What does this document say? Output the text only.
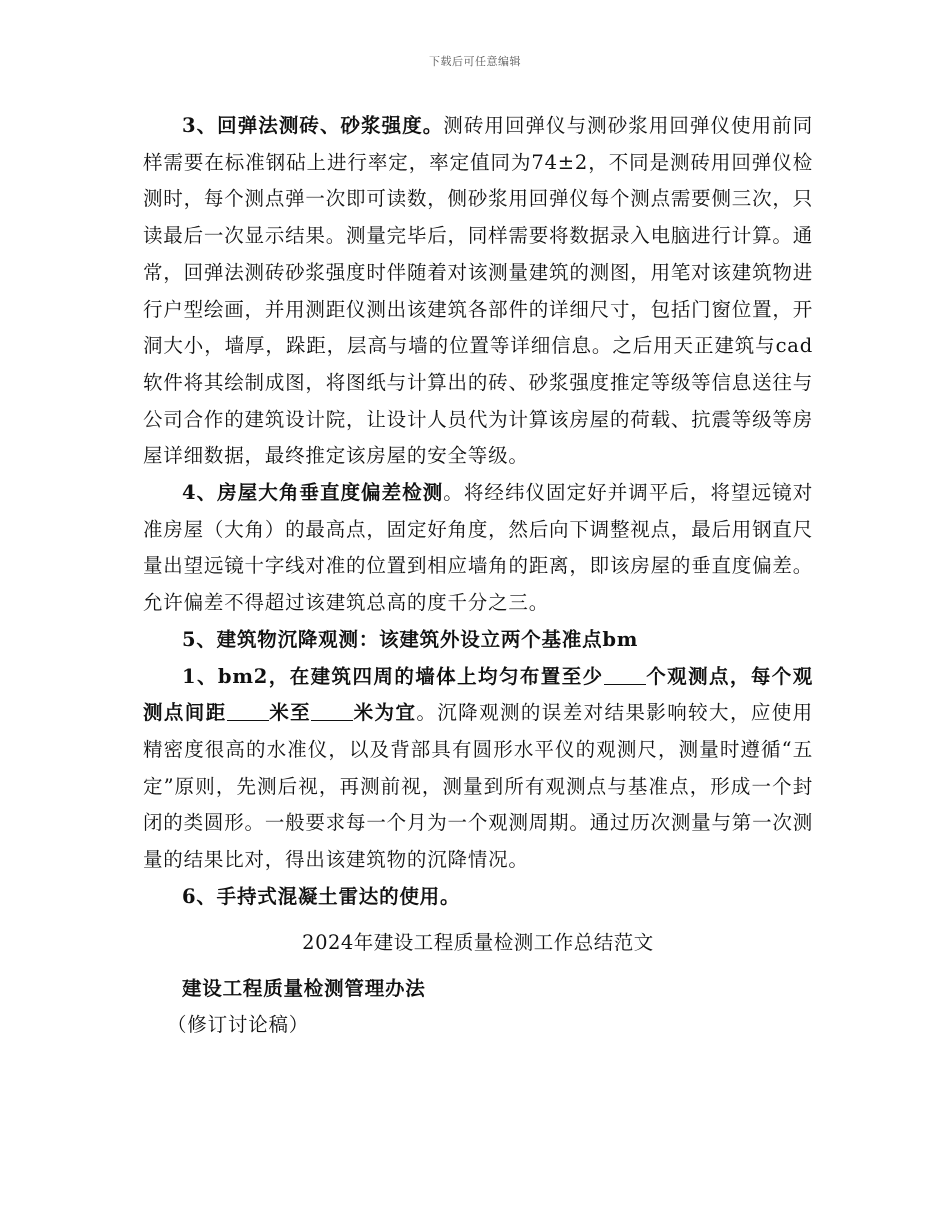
下载后可任意编辑

3、回弹法测砖、砂浆强度。测砖用回弹仪与测砂浆用回弹仪使用前同样需要在标准钢砧上进行率定，率定值同为74±2，不同是测砖用回弹仪检测时，每个测点弹一次即可读数，侧砂浆用回弹仪每个测点需要侧三次，只读最后一次显示结果。测量完毕后，同样需要将数据录入电脑进行计算。通常，回弹法测砖砂浆强度时伴随着对该测量建筑的测图，用笔对该建筑物进行户型绘画，并用测距仪测出该建筑各部件的详细尺寸，包括门窗位置，开洞大小，墙厚，跺距，层高与墙的位置等详细信息。之后用天正建筑与cad软件将其绘制成图，将图纸与计算出的砖、砂浆强度推定等级等信息送往与公司合作的建筑设计院，让设计人员代为计算该房屋的荷载、抗震等级等房屋详细数据，最终推定该房屋的安全等级。

4、房屋大角垂直度偏差检测。将经纬仪固定好并调平后，将望远镜对准房屋（大角）的最高点，固定好角度，然后向下调整视点，最后用钢直尺量出望远镜十字线对准的位置到相应墙角的距离，即该房屋的垂直度偏差。允许偏差不得超过该建筑总高的度千分之三。

5、建筑物沉降观测：该建筑外设立两个基准点bm

1、bm2，在建筑四周的墙体上均匀布置至少 个观测点，每个观测点间距 米至 米为宜。沉降观测的误差对结果影响较大，应使用精密度很高的水准仪，以及背部具有圆形水平仪的观测尺，测量时遵循“五定”原则，先测后视，再测前视，测量到所有观测点与基准点，形成一个封闭的类圆形。一般要求每一个月为一个观测周期。通过历次测量与第一次测量的结果比对，得出该建筑物的沉降情况。

6、手持式混凝土雷达的使用。

2024年建设工程质量检测工作总结范文
建设工程质量检测管理办法
（修订讨论稿）
